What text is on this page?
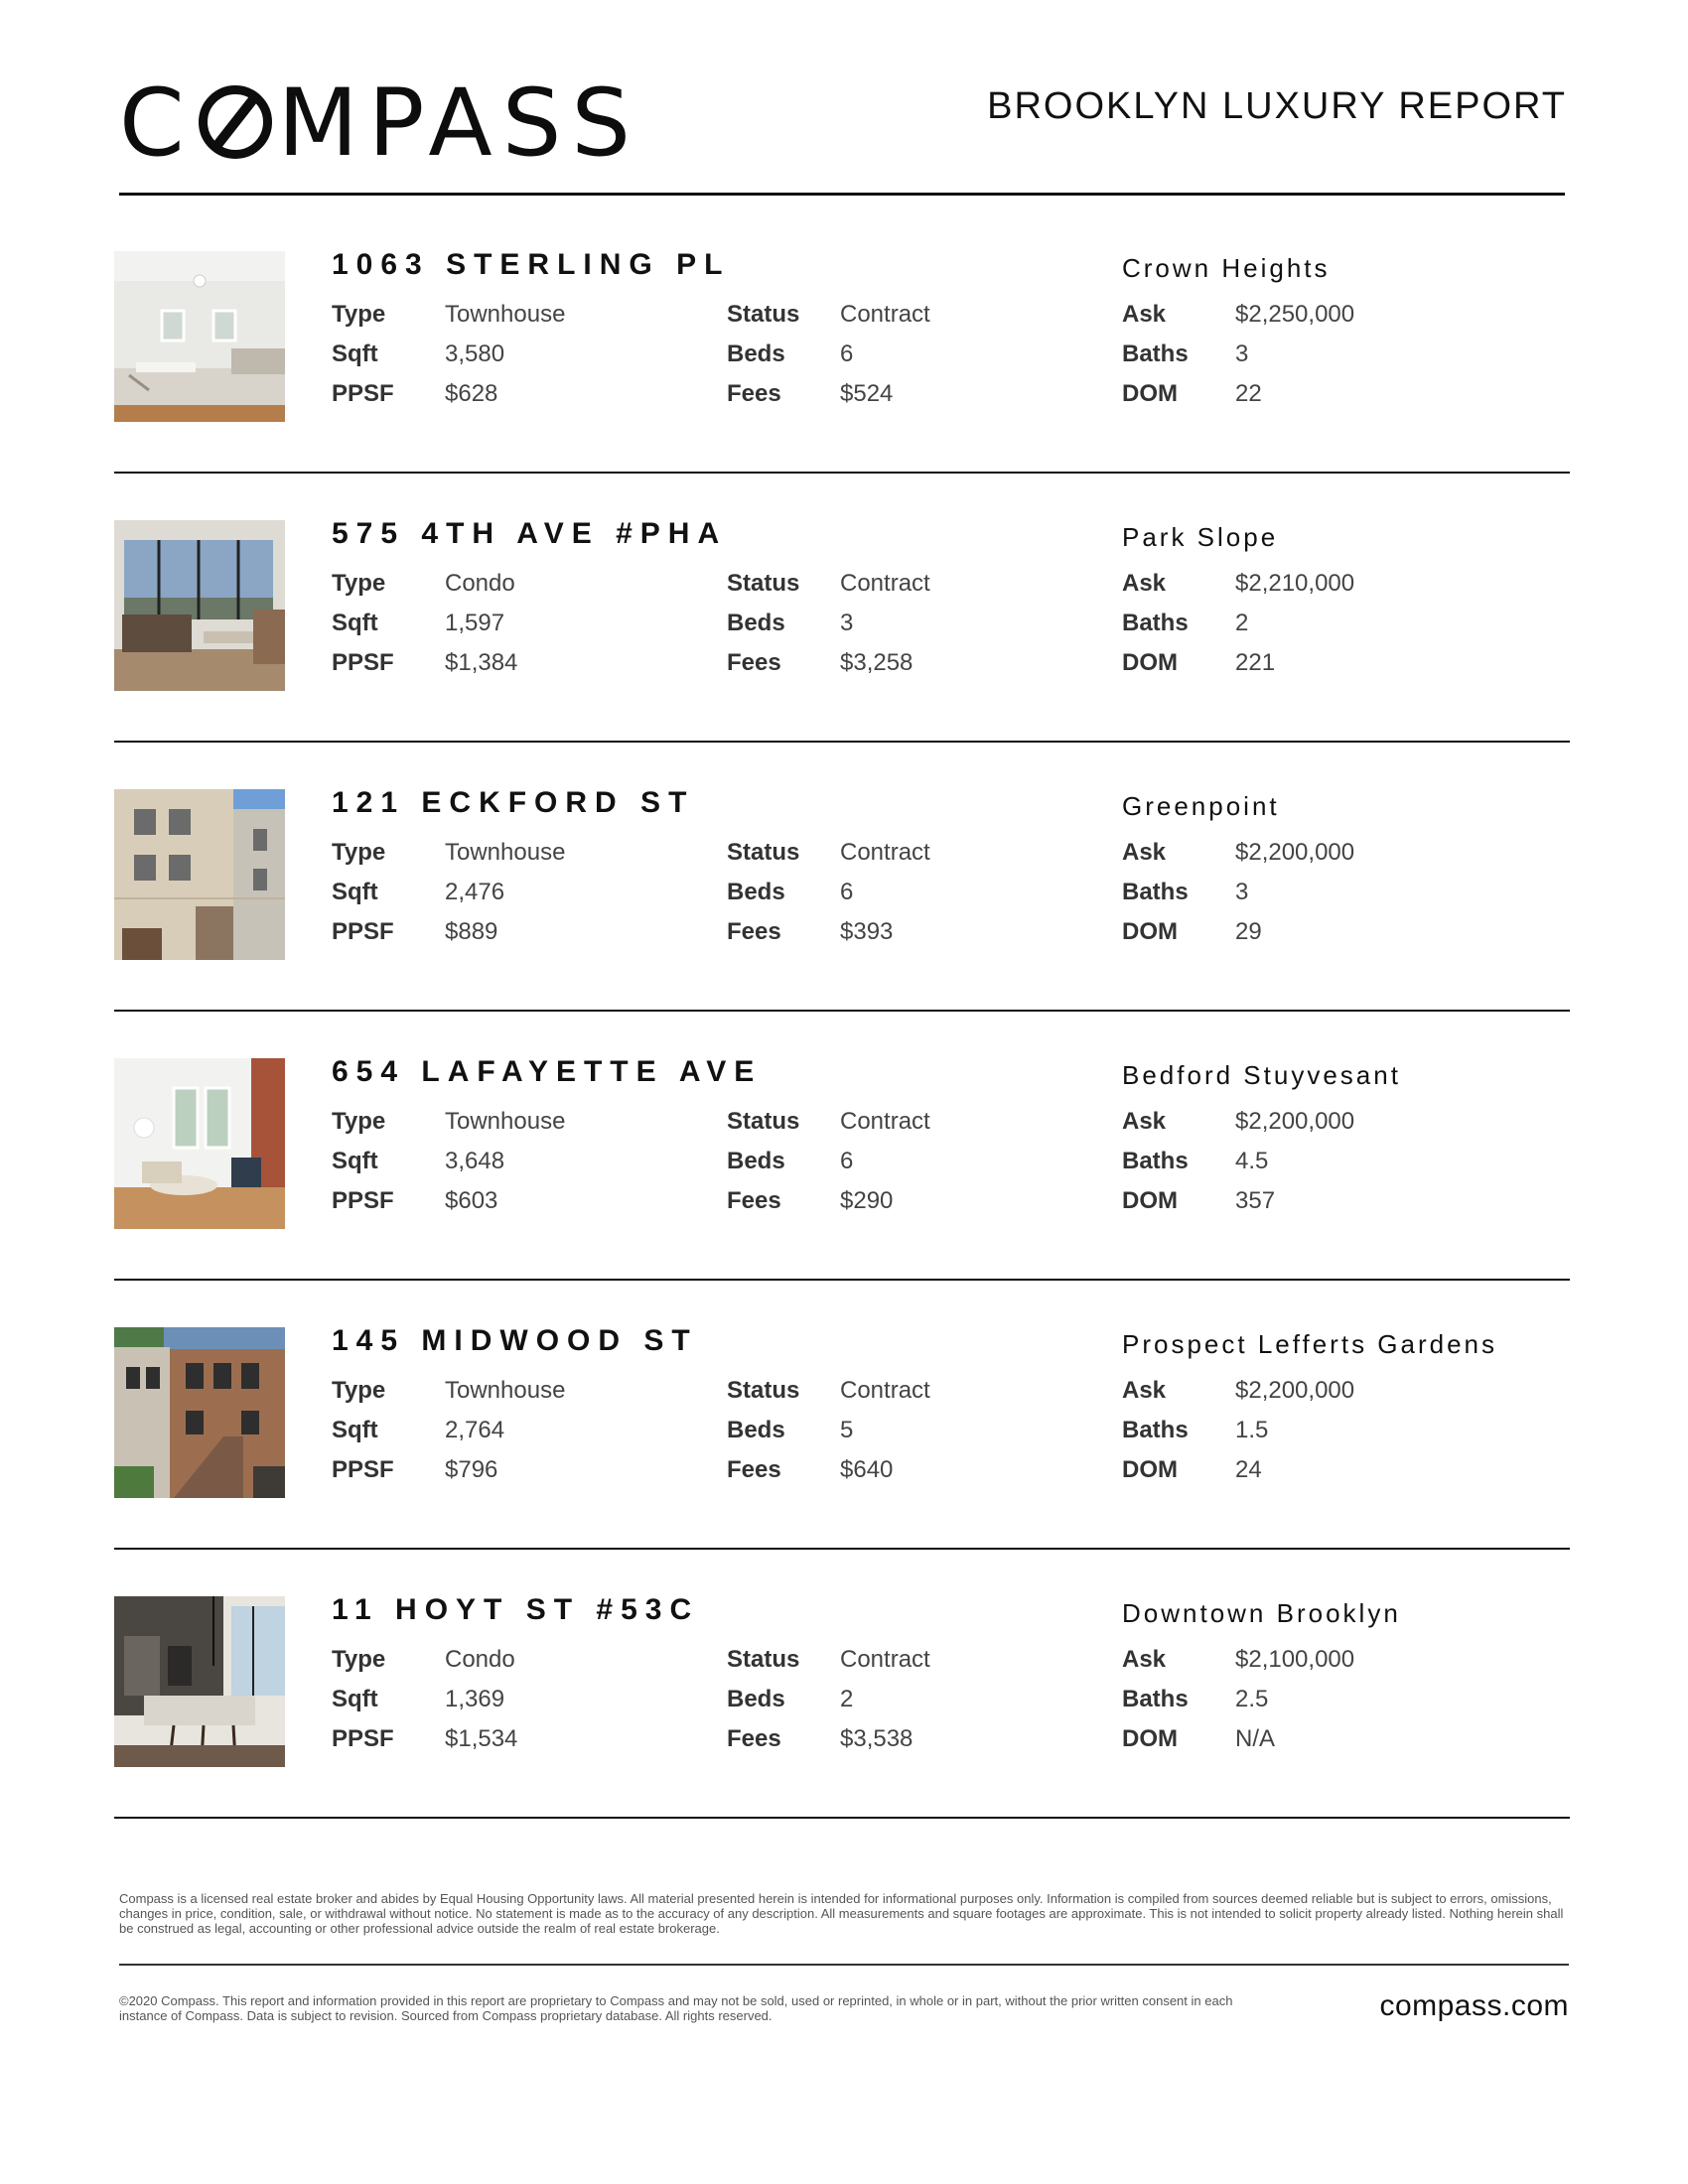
C MPASS	BROOKLYN LUXURY REPORT
1063 STERLING PL	Crown Heights
Type Townhouse
Sqft	3,580
PPSF $628
Status Contract
Beds 6
Fees $524
Ask	$2,250,000
Baths 3
DOM 22
575 4TH AVE #PHA	Park Slope
Type Condo
Sqft	1,597
PPSF $1,384
Status Contract
Beds 3
Fees $3,258
Ask	$2,210,000
Baths 2
DOM 221
121 ECKFORD ST	Greenpoint
Type Townhouse
Sqft	2,476
PPSF $889
Status Contract
Beds 6
Fees $393
Ask	$2,200,000
Baths 3
DOM 29
654 LAFAYETTE AVE	Bedford Stuyvesant
Type Townhouse
Sqft	3,648
PPSF $603
Status Contract
Beds 6
Fees $290
Ask	$2,200,000
Baths 4.5
DOM 357
145 MIDWOOD ST	Prospect Lefferts Gardens
Type Townhouse
Sqft	2,764
PPSF $796
Status Contract
Beds 5
Fees $640
Ask	$2,200,000
Baths 1.5
DOM 24
11 HOYT ST #53C	Downtown Brooklyn
Type Condo
Sqft	1,369
PPSF $1,534
Status Contract
Beds 2
Fees $3,538
Ask	$2,100,000
Baths 2.5
DOM N/A
Compass is a licensed real estate broker and abides by Equal Housing Opportunity laws. All material presented herein is intended for informational purposes only. Information is compiled from sources deemed reliable but is subject to errors, omissions, changes in price, condition, sale, or withdrawal without notice. No statement is made as to the accuracy of any description. All measurements and square footages are approximate. This is not intended to solicit property already listed. Nothing herein shall be construed as legal, accounting or other professional advice outside the realm of real estate brokerage.
©2020 Compass. This report and information provided in this report are proprietary to Compass and may not be sold, used or reprinted, in whole or in part, without the prior written consent in each instance of Compass. Data is subject to revision. Sourced from Compass proprietary database. All rights reserved.	compass.com
